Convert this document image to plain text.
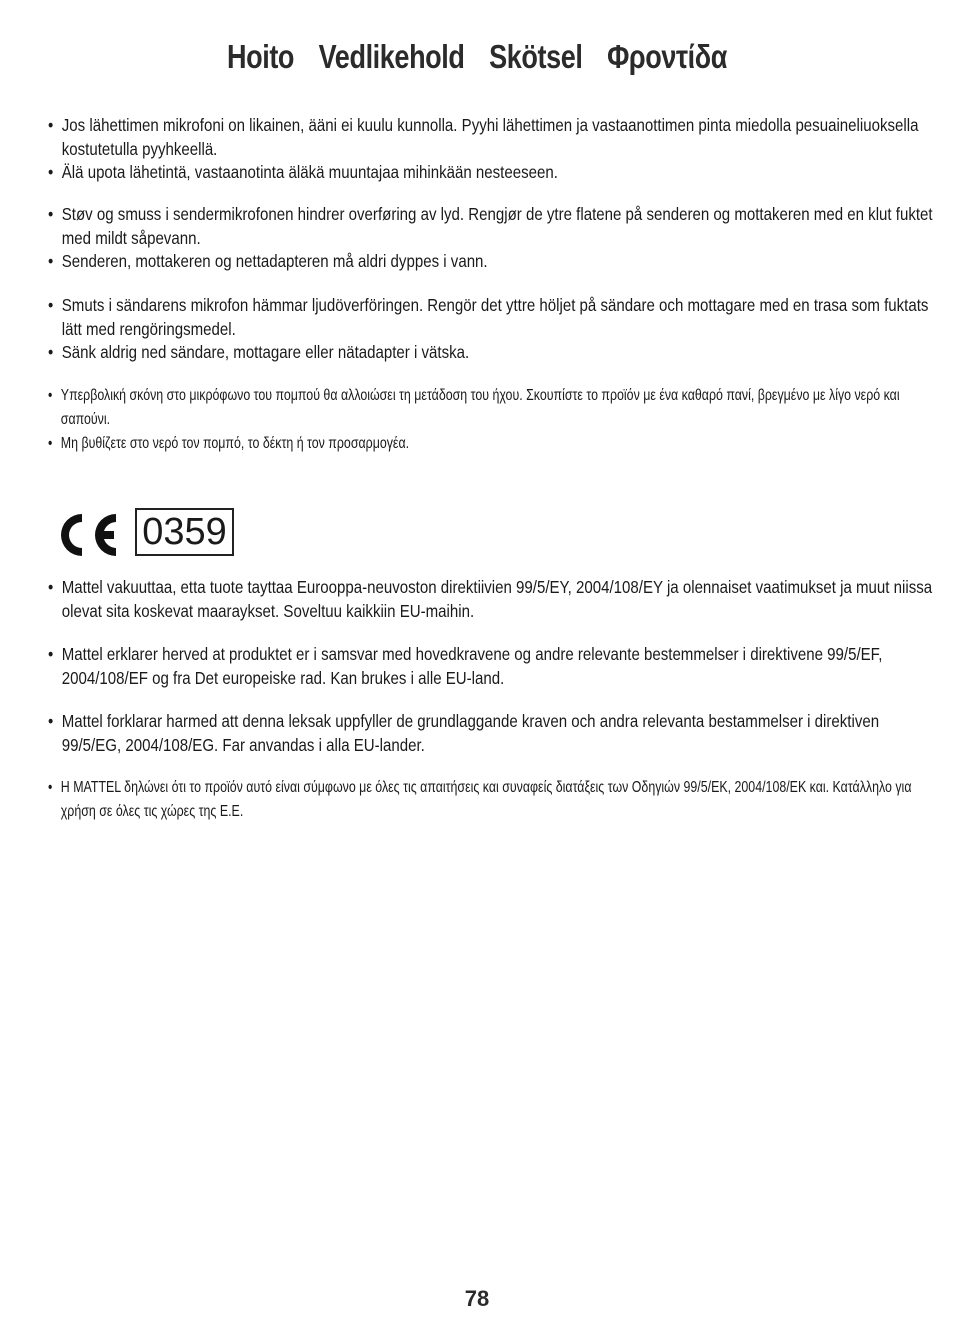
Hoito Vedlikehold Skötsel Φροντίδα
• Jos lähettimen mikrofoni on likainen, ääni ei kuulu kunnolla. Pyyhi lähettimen ja vastaanottimen pinta miedolla pesuaineliuoksella kostutetulla pyyhkeellä.
• Älä upota lähetintä, vastaanotinta äläkä muuntajaa mihinkään nesteeseen.
• Støv og smuss i sendermikrofonen hindrer overføring av lyd. Rengjør de ytre flatene på senderen og mottakeren med en klut fuktet med mildt såpevann.
• Senderen, mottakeren og nettadapteren må aldri dyppes i vann.
• Smuts i sändarens mikrofon hämmar ljudöverföringen. Rengör det yttre höljet på sändare och mottagare med en trasa som fuktats lätt med rengöringsmedel.
• Sänk aldrig ned sändare, mottagare eller nätadapter i vätska.
• Υπερβολική σκόνη στο μικρόφωνο του πομπού θα αλλοιώσει τη μετάδοση του ήχου. Σκουπίστε το προϊόν με ένα καθαρό πανί, βρεγμένο με λίγο νερό και σαπούνι.
• Μη βυθίζετε στο νερό τον πομπό, το δέκτη ή τον προσαρμογέα.
0359
• Mattel vakuuttaa, etta tuote tayttaa Eurooppa-neuvoston direktiivien 99/5/EY, 2004/108/EY ja olennaiset vaatimukset ja muut niissa olevat sita koskevat maaraykset. Soveltuu kaikkiin EU-maihin.
• Mattel erklarer herved at produktet er i samsvar med hovedkravene og andre relevante bestemmelser i direktivene 99/5/EF, 2004/108/EF og fra Det europeiske rad. Kan brukes i alle EU-land.
• Mattel forklarar harmed att denna leksak uppfyller de grundlaggande kraven och andra relevanta bestammelser i direktiven 99/5/EG, 2004/108/EG. Far anvandas i alla EU-lander.
• Η MATTEL δηλώνει ότι το προϊόν αυτό είναι σύμφωνο με όλες τις απαιτήσεις και συναφείς διατάξεις των Οδηγιών 99/5/ΕΚ, 2004/108/ΕΚ και. Κατάλληλο για χρήση σε όλες τις χώρες της Ε.Ε.
78
